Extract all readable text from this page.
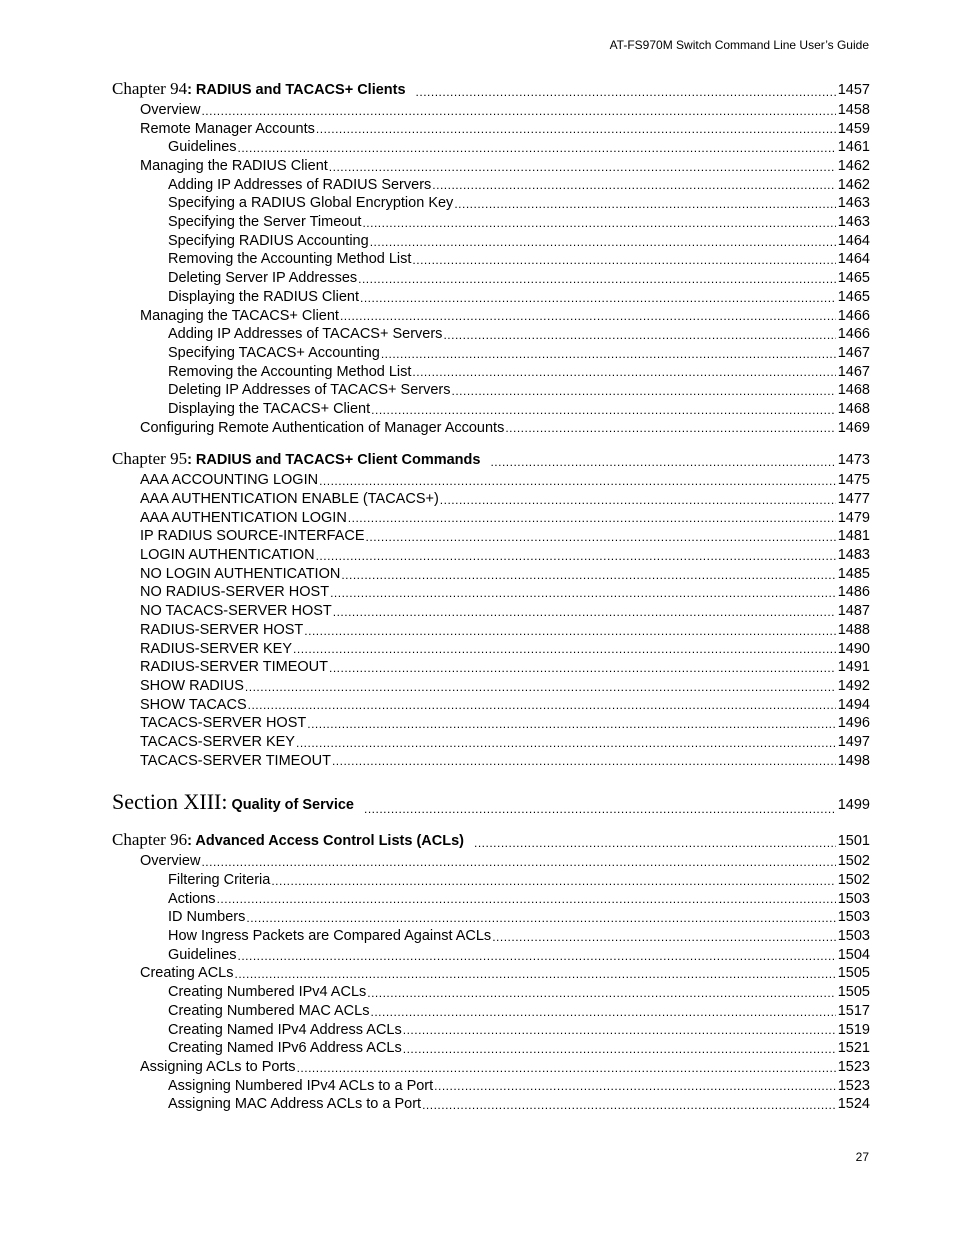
AT-FS970M Switch Command Line User’s Guide
Chapter 94: RADIUS and TACACS+ Clients .....	1457
Overview .....	1458
Remote Manager Accounts .....	1459
Guidelines .....	1461
Managing the RADIUS Client .....	1462
Adding IP Addresses of RADIUS Servers .....	1462
Specifying a RADIUS Global Encryption Key .....	1463
Specifying the Server Timeout .....	1463
Specifying RADIUS Accounting .....	1464
Removing the Accounting Method List .....	1464
Deleting Server IP Addresses .....	1465
Displaying the RADIUS Client .....	1465
Managing the TACACS+ Client .....	1466
Adding IP Addresses of TACACS+ Servers .....	1466
Specifying TACACS+ Accounting .....	1467
Removing the Accounting Method List .....	1467
Deleting IP Addresses of TACACS+ Servers .....	1468
Displaying the TACACS+ Client .....	1468
Configuring Remote Authentication of Manager Accounts .....	1469
Chapter 95: RADIUS and TACACS+ Client Commands .....	1473
AAA ACCOUNTING LOGIN .....	1475
AAA AUTHENTICATION ENABLE (TACACS+) .....	1477
AAA AUTHENTICATION LOGIN .....	1479
IP RADIUS SOURCE-INTERFACE .....	1481
LOGIN AUTHENTICATION .....	1483
NO LOGIN AUTHENTICATION .....	1485
NO RADIUS-SERVER HOST .....	1486
NO TACACS-SERVER HOST .....	1487
RADIUS-SERVER HOST .....	1488
RADIUS-SERVER KEY .....	1490
RADIUS-SERVER TIMEOUT .....	1491
SHOW RADIUS .....	1492
SHOW TACACS .....	1494
TACACS-SERVER HOST .....	1496
TACACS-SERVER KEY .....	1497
TACACS-SERVER TIMEOUT .....	1498
Section XIII: Quality of Service .....	1499
Chapter 96: Advanced Access Control Lists (ACLs) .....	1501
Overview .....	1502
Filtering Criteria .....	1502
Actions .....	1503
ID Numbers .....	1503
How Ingress Packets are Compared Against ACLs .....	1503
Guidelines .....	1504
Creating ACLs .....	1505
Creating Numbered IPv4 ACLs .....	1505
Creating Numbered MAC ACLs .....	1517
Creating Named IPv4 Address ACLs .....	1519
Creating Named IPv6 Address ACLs .....	1521
Assigning ACLs to Ports .....	1523
Assigning Numbered IPv4 ACLs to a Port .....	1523
Assigning MAC Address ACLs to a Port .....	1524
27
